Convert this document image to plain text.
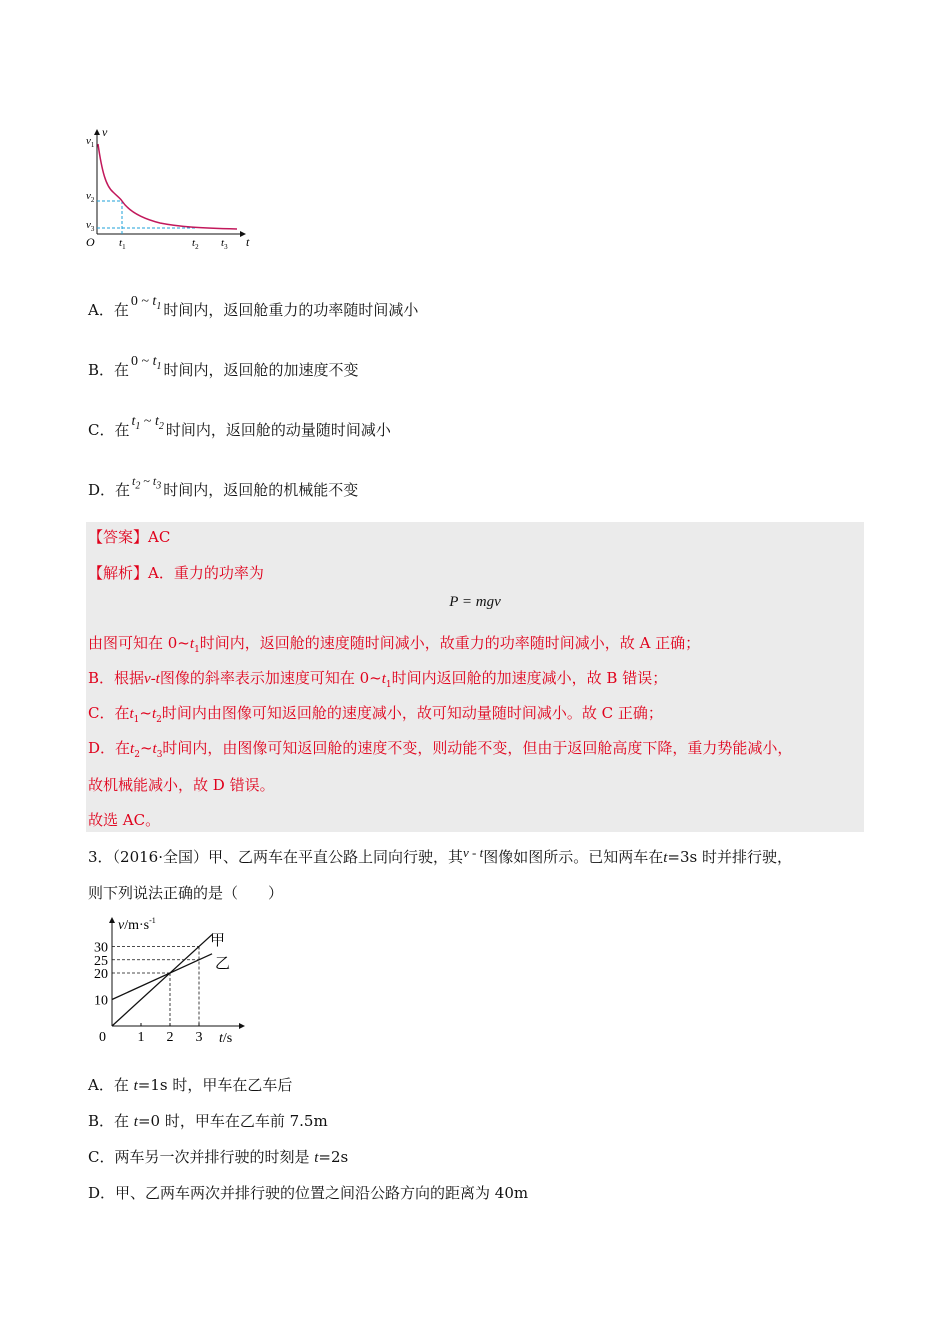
v
$v_1$
$v_2$
$v_3$
O $t_1$	$t_2$ $t_3$ t
A．在 0 ~ $t_1$ 时间内，返回舱重力的功率随时间减小
B．在 0 ~ $t_1$ 时间内，返回舱的加速度不变
C．在 $t_1$ ~ $t_2$ 时间内，返回舱的动量随时间减小
D．在 $t_2$ ~ $t_3$ 时间内，返回舱的机械能不变
【答案】AC
【解析】A．重力的功率为
P = mgv
由图可知在 $0\sim t_1$时间内，返回舱的速度随时间减小，故重力的功率随时间减小，故 A 正确；
B．根据v-t图像的斜率表示加速度可知在 $0\sim t_1$时间内返回舱的加速度减小，故 B 错误；
C．在$t_1\sim t_2$时间内由图像可知返回舱的速度减小，故可知动量随时间减小。故 C 正确；
D．在$t_2\sim t_3$时间内，由图像可知返回舱的速度不变，则动能不变，但由于返回舱高度下降，重力势能减小，
故机械能减小，故 D 错误。
故选 AC。
3．（2016·全国）甲、乙两车在平直公路上同向行驶，其v - t图像如图所示。已知两车在t=3s 时并排行驶，
则下列说法正确的是（　　）
30
25
20
10
1 2 3
$v/m\cdot s^{-1}$
t/s
0
甲
乙
A．在 t=1s 时，甲车在乙车后
B．在 t=0 时，甲车在乙车前 7.5m
C．两车另一次并排行驶的时刻是 t=2s
D．甲、乙两车两次并排行驶的位置之间沿公路方向的距离为 40m
